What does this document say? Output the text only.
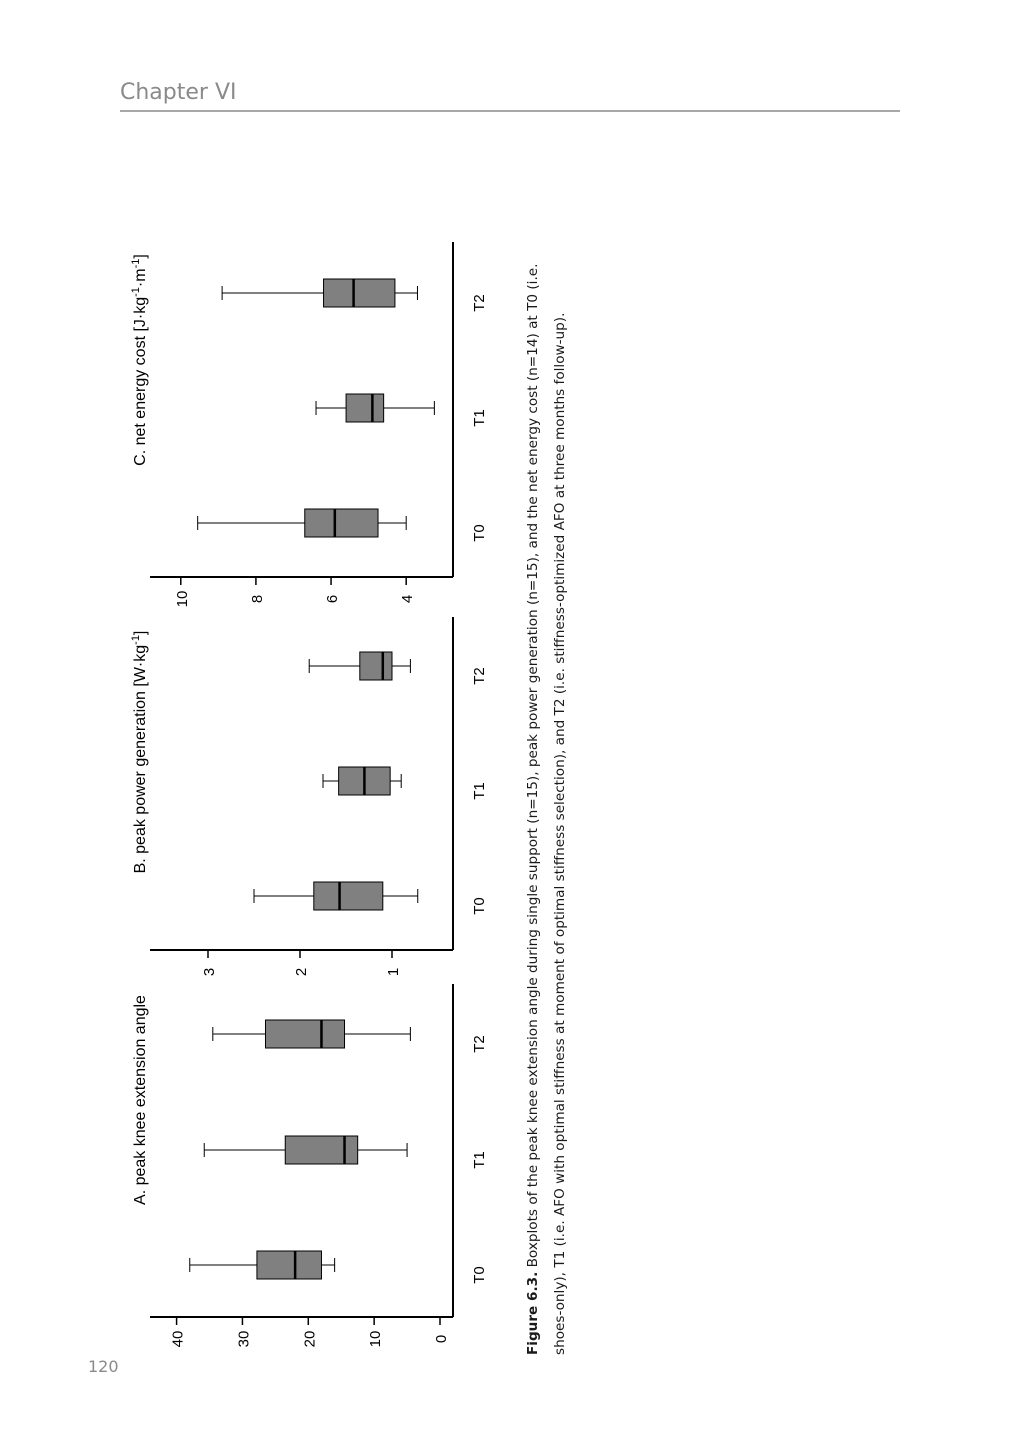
Chapter VI
0
10
20
30
40
T0
T1
T2
A. peak knee extension angle
1
2
3
T0
T1
T2
B. peak power generation $[W\cdot kg^{-1}]$
4
6
8
10
T0
T1
T2
C. net energy cost $[J\cdot kg^{-1}\cdot m^{-1}]$
Figure 6.3. Boxplots of the peak knee extension angle during single support (n=15), peak power generation (n=15), and the net energy cost (n=14) at T0 (i.e. shoes-only), T1 (i.e. AFO with optimal stiffness at moment of optimal stiffness selection), and T2 (i.e. stiffness-optimized AFO at three months follow-up).
120
